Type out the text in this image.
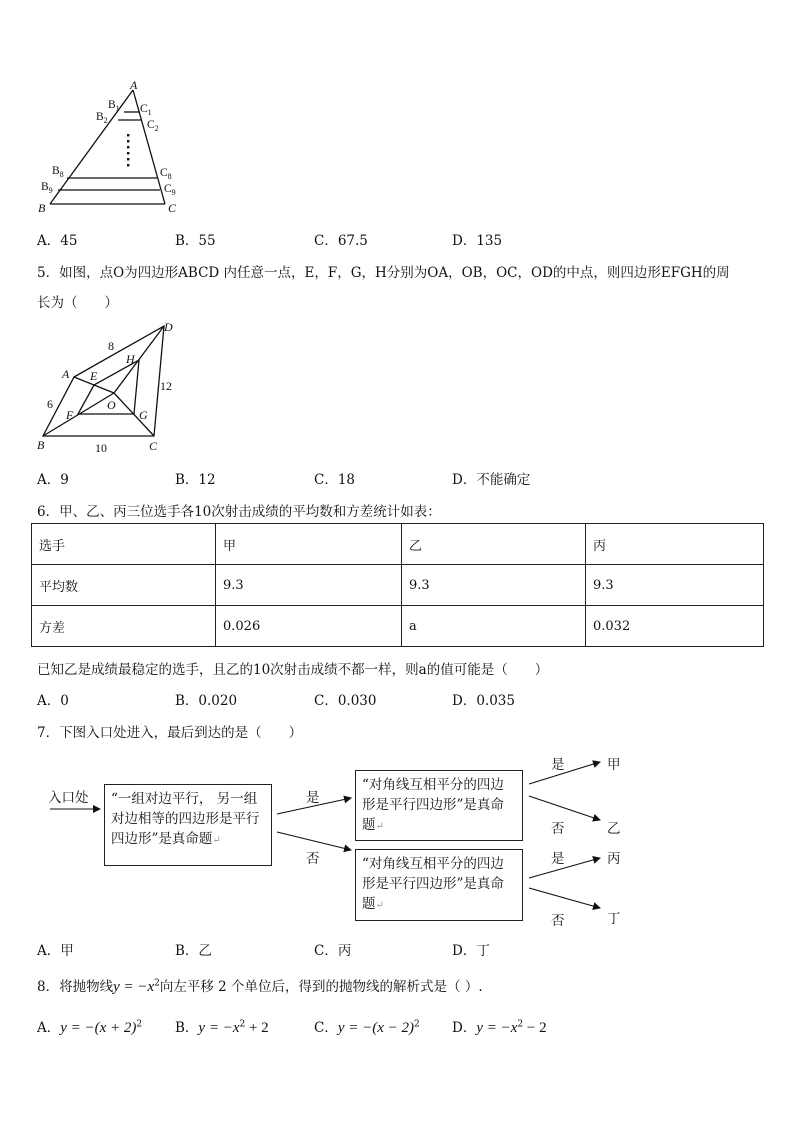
A
B	C
$B_1$ $C_1$
$B_2$	$C_2$
$B_8$	$C_8$
$B_9$	$C_9$
A．45	B．55	C．67.5	D．135
5．如图，点O为四边形ABCD 内任意一点，E，F，G，H分别为OA，OB，OC，OD的中点，则四边形EFGH的周
长为（　　）
A
B	C
D
E
F	G
H
O
8
6
10
12
A．9	B．12	C．18	D．不能确定
6．甲、乙、丙三位选手各10次射击成绩的平均数和方差统计如表：
选手	甲	乙	丙
平均数	9.3	9.3	9.3
方差	0.026	a	0.032
已知乙是成绩最稳定的选手，且乙的10次射击成绩不都一样，则a的值可能是（　　）
A．0	B．0.020	C．0.030	D．0.035
7．下图入口处进入，最后到达的是（　　）
入口处	“一组对边平行， 另一组对边相等的四边形是平行四边形”是真命题↵
“对角线互相平分的四边形是平行四边形”是真命题↵
“对角线互相平分的四边形是平行四边形”是真命题↵
是
否
是
否
是
否
甲
乙
丙
丁
A．甲	B．乙	C．丙	D．丁
8．将抛物线$y = -x^2$向左平移 2 个单位后，得到的抛物线的解析式是（ ）.
A．$y = -(x + 2)^2$ B．$y = -x^2 + 2$	C．$y = -(x - 2)^2$ D．$y = -x^2 - 2$
